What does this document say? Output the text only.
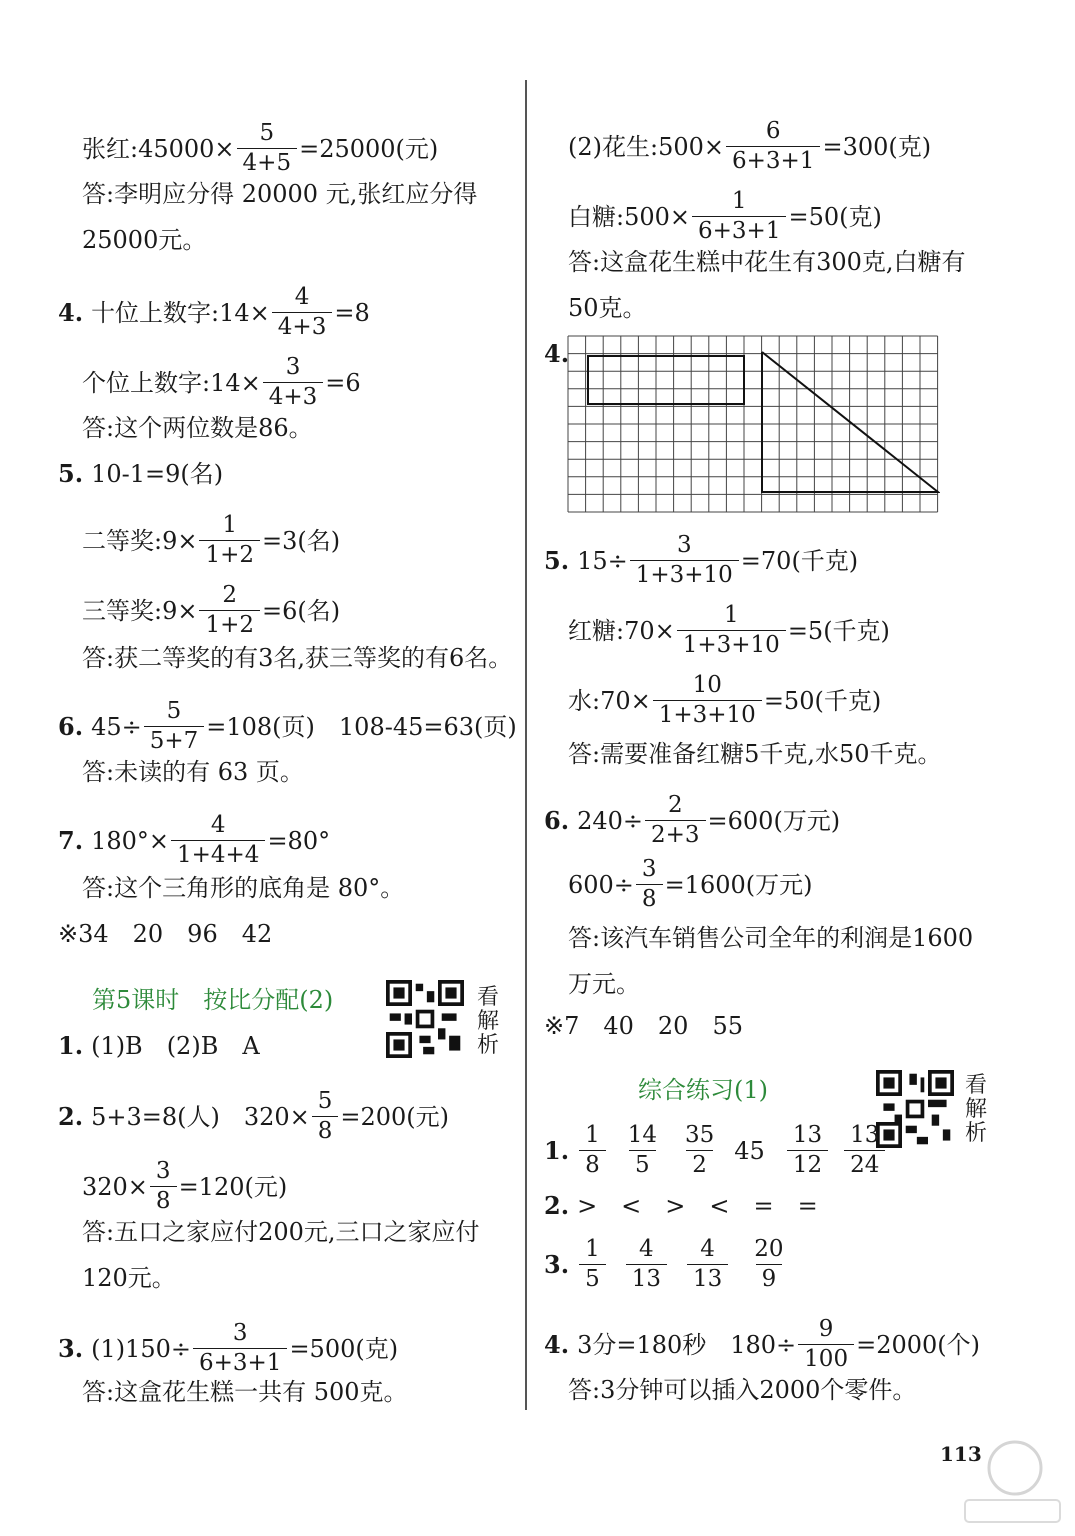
张红:45000× $\frac{5}{4+5} =25000$(元)
答:李明应分得 20000 元,张红应分得
25000元。
4. 十位上数字:14× $\frac{4}{4+3} =8$
个位上数字:14× $\frac{3}{4+3} =6$
答:这个两位数是86。
5. 10-1=9(名)
二等奖:9× $\frac{1}{1+2} =3$(名)
三等奖:9× $\frac{2}{1+2} =6$(名)
答:获二等奖的有3名,获三等奖的有6名。
6. $45\div \frac{5}{5+7} =108$(页)　108-45=63(页)
答:未读的有 63 页。
7. $180^\circ\times \frac{4}{1+4+4} =80^\circ$
答:这个三角形的底角是 80°。
※34　20　96　42
第5课时　按比分配(2)	看
解
析
1. (1)B　(2)B　A
2. 5+3=8(人)　$320\times \frac{5}{8} =200$(元)
$320\times \frac{3}{8} =120$(元)
答:五口之家应付200元,三口之家应付
120元。
3. $(1)150\div \frac{3}{6+3+1} =500$(克)
答:这盒花生糕一共有 500克。
(2)花生:500× $\frac{6}{6+3+1} =300$(克)
白糖:500× $\frac{1}{6+3+1} =50$(克)
答:这盒花生糕中花生有300克,白糖有
50克。
4.
5. $15\div \frac{3}{1+3+10} =70$(千克)
红糖:70× $\frac{1}{1+3+10} =5$(千克)
水:70× $\frac{10}{1+3+10} =50$(千克)
答:需要准备红糖5千克,水50千克。
6. $240\div \frac{2}{2+3} =600$(万元)
$600\div \frac{3}{8} =1600$(万元)
答:该汽车销售公司全年的利润是1600
万元。
※7　40　20　55
综合练习(1)	看
解
析
1. $\frac{1}{8} \frac{14}{5} \frac{35}{2} 45 \frac{13}{12} \frac{13}{24}$
2. >　<　>　<　=　=
3. $\frac{1}{5} \frac{4}{13} \frac{4}{13} \frac{20}{9}$
4. 3分=180秒　$180\div \frac{9}{100} =2000$(个)
答:3分钟可以插入2000个零件。
113
